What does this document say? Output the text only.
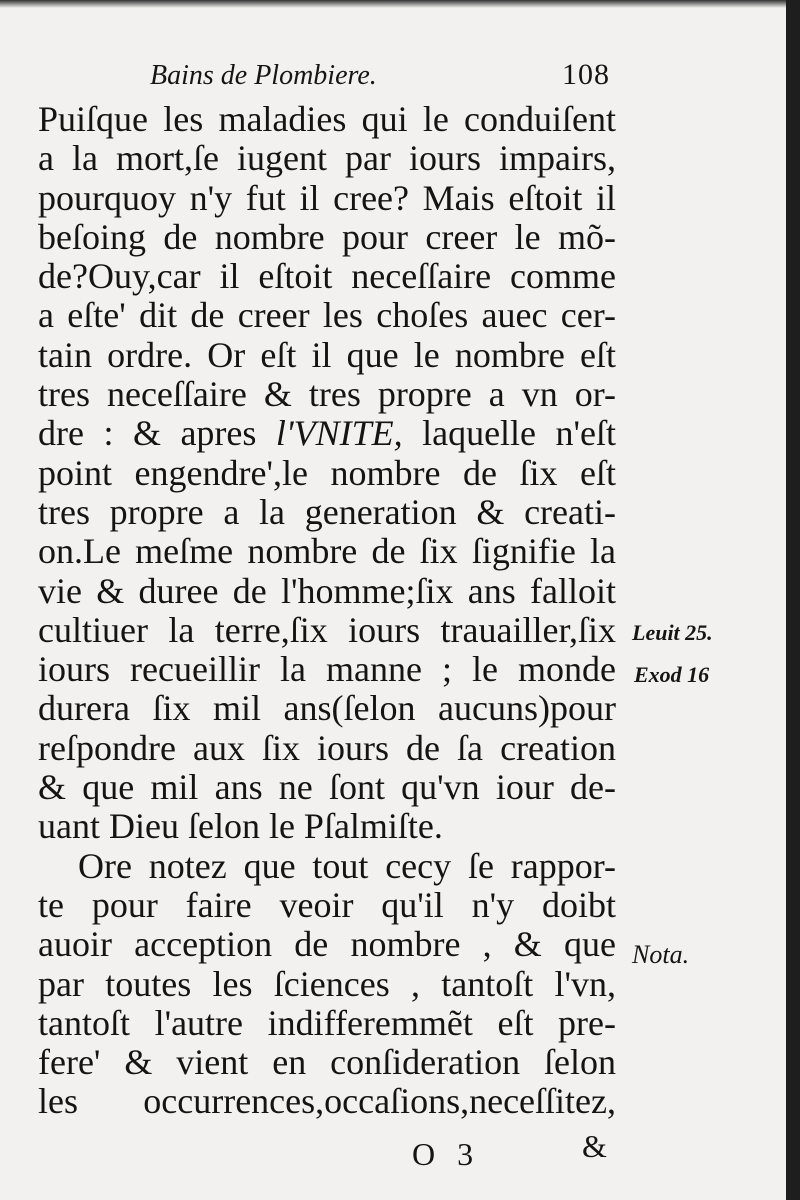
Bains de Plombiere.	108
Puiſque les maladies qui le conduiſent
a la mort,ſe iugent par iours impairs,
pourquoy n'y fut il cree? Mais eſtoit il
beſoing de nombre pour creer le mõ-
de?Ouy,car il eſtoit neceſſaire comme
a eſte' dit de creer les choſes auec cer-
tain ordre. Or eſt il que le nombre eſt
tres neceſſaire & tres propre a vn or-
dre : & apres l'VNITE, laquelle n'eſt
point engendre',le nombre de ſix eſt
tres propre a la generation & creati-
on.Le meſme nombre de ſix ſignifie la
vie & duree de l'homme;ſix ans falloit
cultiuer la terre,ſix iours trauailler,ſix
iours recueillir la manne ; le monde
durera ſix mil ans(ſelon aucuns)pour
reſpondre aux ſix iours de ſa creation
& que mil ans ne ſont qu'vn iour de-
uant Dieu ſelon le Pſalmiſte.
Ore notez que tout cecy ſe rappor-
te pour faire veoir qu'il n'y doibt
auoir acception de nombre , & que
par toutes les ſciences , tantoſt l'vn,
tantoſt l'autre indifferemmẽt eſt pre-
fere' & vient en conſideration ſelon
les occurrences,occaſions,neceſſitez,
Leuit 25.
Exod 16
Nota.
O 3	&
